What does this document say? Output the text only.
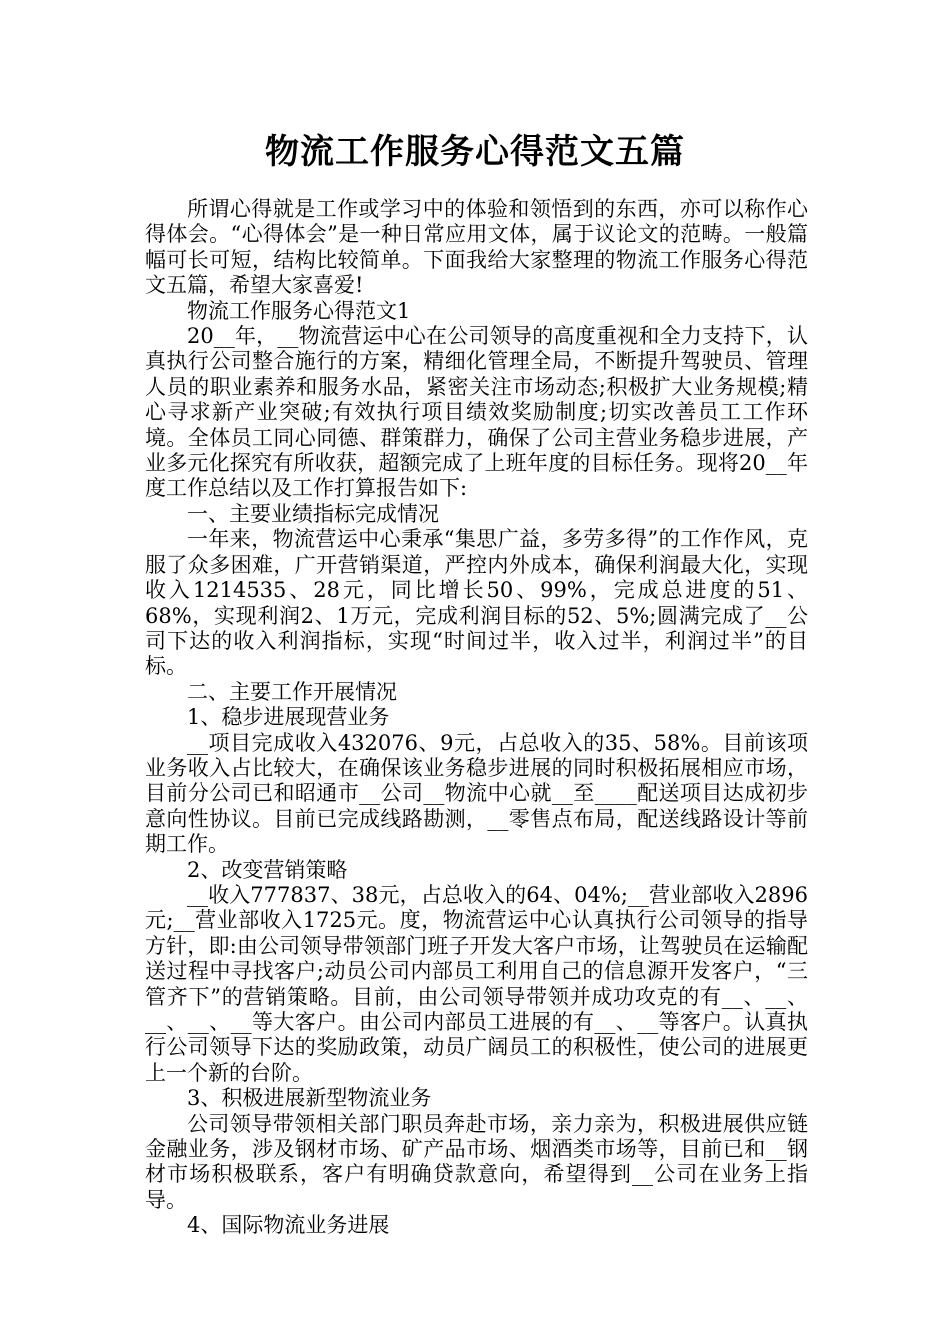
物流工作服务心得范文五篇

所谓心得就是工作或学习中的体验和领悟到的东西，亦可以称作心得体会。“心得体会”是一种日常应用文体，属于议论文的范畴。一般篇幅可长可短，结构比较简单。下面我给大家整理的物流工作服务心得范文五篇，希望大家喜爱!

物流工作服务心得范文1

20__年，__物流营运中心在公司领导的高度重视和全力支持下，认真执行公司整合施行的方案，精细化管理全局，不断提升驾驶员、管理人员的职业素养和服务水品，紧密关注市场动态;积极扩大业务规模;精心寻求新产业突破;有效执行项目绩效奖励制度;切实改善员工工作环境。全体员工同心同德、群策群力，确保了公司主营业务稳步进展，产业多元化探究有所收获，超额完成了上班年度的目标任务。现将20__年度工作总结以及工作打算报告如下:

一、主要业绩指标完成情况

一年来，物流营运中心秉承“集思广益，多劳多得”的工作作风，克服了众多困难，广开营销渠道，严控内外成本，确保利润最大化，实现收入1214535、28元，同比增长50、99%，完成总进度的51、68%，实现利润2、1万元，完成利润目标的52、5%;圆满完成了__公司下达的收入利润指标，实现“时间过半，收入过半，利润过半”的目标。

二、主要工作开展情况

1、稳步进展现营业务

__项目完成收入432076、9元，占总收入的35、58%。目前该项业务收入占比较大，在确保该业务稳步进展的同时积极拓展相应市场，目前分公司已和昭通市__公司__物流中心就__至____配送项目达成初步意向性协议。目前已完成线路勘测，__零售点布局，配送线路设计等前期工作。

2、改变营销策略

__收入777837、38元，占总收入的64、04%;__营业部收入2896元;__营业部收入1725元。度，物流营运中心认真执行公司领导的指导方针，即:由公司领导带领部门班子开发大客户市场，让驾驶员在运输配送过程中寻找客户;动员公司内部员工利用自己的信息源开发客户，“三管齐下”的营销策略。目前，由公司领导带领并成功攻克的有__、__、__、__、__等大客户。由公司内部员工进展的有__、__等客户。认真执行公司领导下达的奖励政策，动员广阔员工的积极性，使公司的进展更上一个新的台阶。

3、积极进展新型物流业务

公司领导带领相关部门职员奔赴市场，亲力亲为，积极进展供应链金融业务，涉及钢材市场、矿产品市场、烟酒类市场等，目前已和__钢材市场积极联系，客户有明确贷款意向，希望得到__公司在业务上指导。

4、国际物流业务进展
